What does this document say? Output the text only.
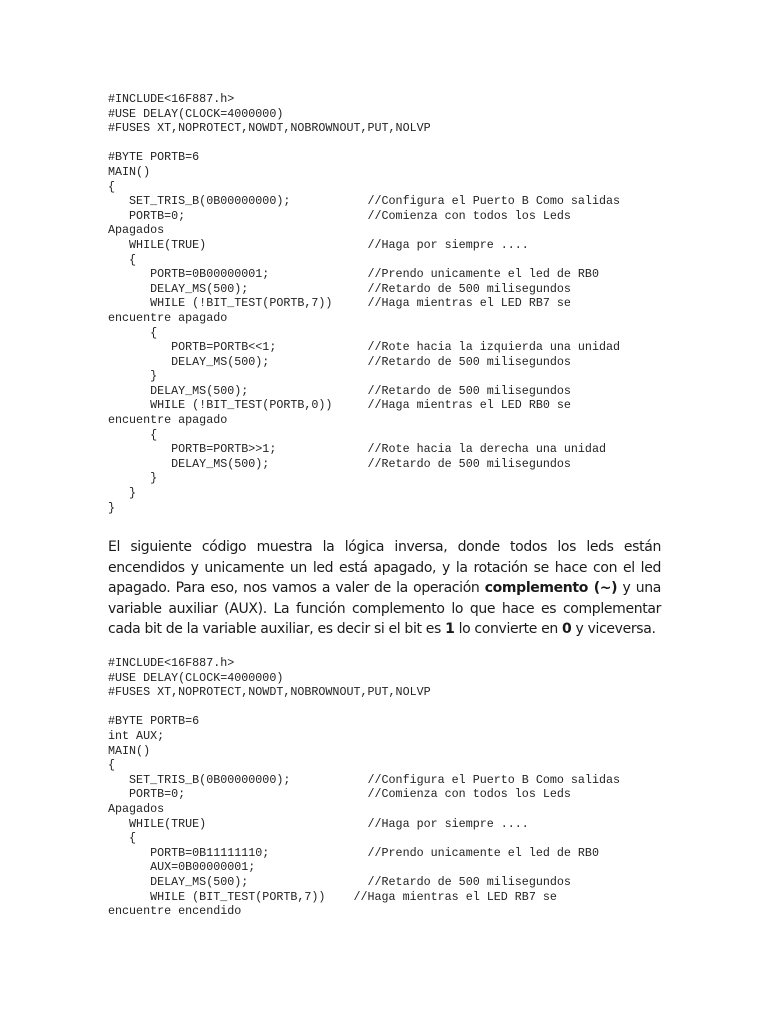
#INCLUDE<16F887.h>
#USE DELAY(CLOCK=4000000)
#FUSES XT,NOPROTECT,NOWDT,NOBROWNOUT,PUT,NOLVP

#BYTE PORTB=6
MAIN()
{
SET_TRIS_B(0B00000000);           //Configura el Puerto B Como salidas
PORTB=0;                          //Comienza con todos los Leds
Apagados
WHILE(TRUE)                       //Haga por siempre ....
{
PORTB=0B00000001;              //Prendo unicamente el led de RB0
DELAY_MS(500);                 //Retardo de 500 milisegundos
WHILE (!BIT_TEST(PORTB,7))     //Haga mientras el LED RB7 se
encuentre apagado
{
PORTB=PORTB<<1;             //Rote hacia la izquierda una unidad
DELAY_MS(500);              //Retardo de 500 milisegundos
}
DELAY_MS(500);                 //Retardo de 500 milisegundos
WHILE (!BIT_TEST(PORTB,0))     //Haga mientras el LED RB0 se
encuentre apagado
{
PORTB=PORTB>>1;             //Rote hacia la derecha una unidad
DELAY_MS(500);              //Retardo de 500 milisegundos
}
}
}

El siguiente código muestra la lógica inversa, donde todos los leds están encendidos y unicamente un led está apagado, y la rotación se hace con el led apagado. Para eso, nos vamos a valer de la operación complemento (~) y una variable auxiliar (AUX). La función complemento lo que hace es complementar cada bit de la variable auxiliar, es decir si el bit es 1 lo convierte en 0 y viceversa.

#INCLUDE<16F887.h>
#USE DELAY(CLOCK=4000000)
#FUSES XT,NOPROTECT,NOWDT,NOBROWNOUT,PUT,NOLVP

#BYTE PORTB=6
int AUX;
MAIN()
{
SET_TRIS_B(0B00000000);           //Configura el Puerto B Como salidas
PORTB=0;                          //Comienza con todos los Leds
Apagados
WHILE(TRUE)                       //Haga por siempre ....
{
PORTB=0B11111110;              //Prendo unicamente el led de RB0
AUX=0B00000001;
DELAY_MS(500);                 //Retardo de 500 milisegundos
WHILE (BIT_TEST(PORTB,7))    //Haga mientras el LED RB7 se
encuentre encendido
